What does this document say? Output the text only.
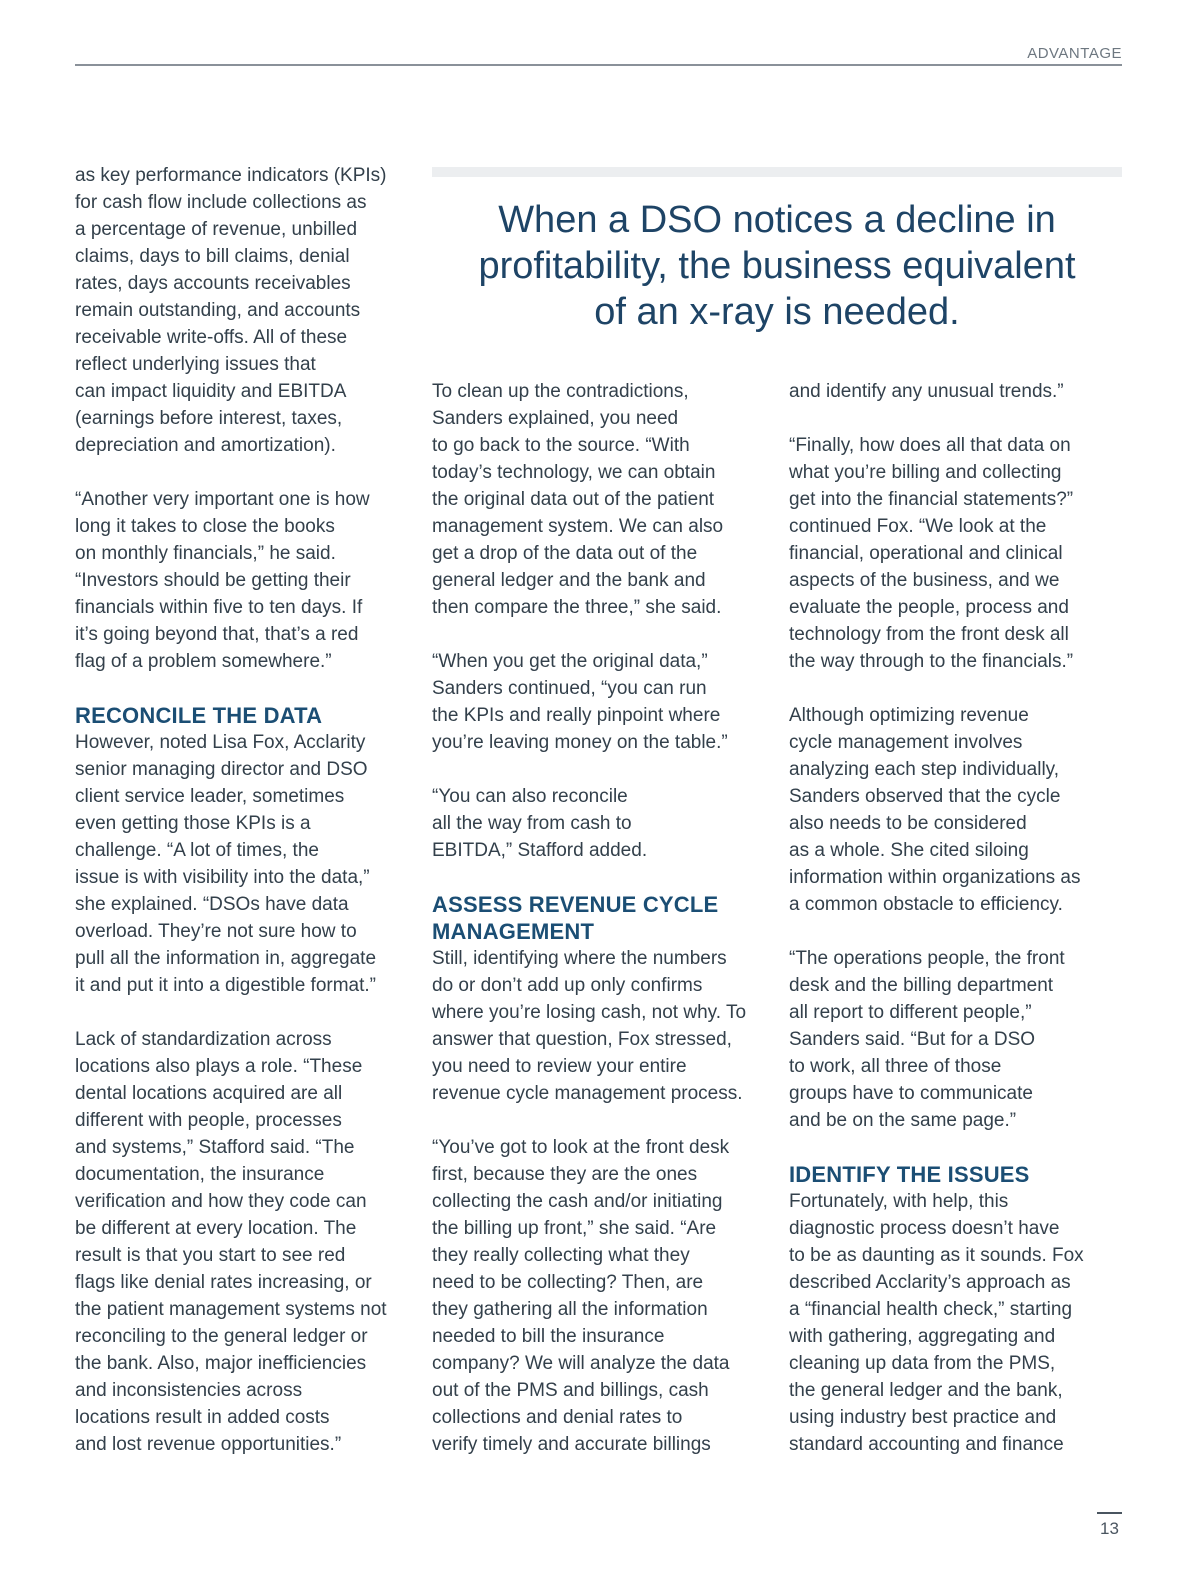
ADVANTAGE

as key performance indicators (KPIs)
for cash flow include collections as
a percentage of revenue, unbilled
claims, days to bill claims, denial
rates, days accounts receivables
remain outstanding, and accounts
receivable write-offs. All of these
reflect underlying issues that
can impact liquidity and EBITDA
(earnings before interest, taxes,
depreciation and amortization).

“Another very important one is how
long it takes to close the books
on monthly financials,” he said.
“Investors should be getting their
financials within five to ten days. If
it’s going beyond that, that’s a red
flag of a problem somewhere.”

RECONCILE THE DATA

However, noted Lisa Fox, Acclarity
senior managing director and DSO
client service leader, sometimes
even getting those KPIs is a
challenge. “A lot of times, the
issue is with visibility into the data,”
she explained. “DSOs have data
overload. They’re not sure how to
pull all the information in, aggregate
it and put it into a digestible format.”

Lack of standardization across
locations also plays a role. “These
dental locations acquired are all
different with people, processes
and systems,” Stafford said. “The
documentation, the insurance
verification and how they code can
be different at every location. The
result is that you start to see red
flags like denial rates increasing, or
the patient management systems not
reconciling to the general ledger or
the bank. Also, major inefficiencies
and inconsistencies across
locations result in added costs
and lost revenue opportunities.”

When a DSO notices a decline in
profitability, the business equivalent
of an x-ray is needed.

To clean up the contradictions,
Sanders explained, you need
to go back to the source. “With
today’s technology, we can obtain
the original data out of the patient
management system. We can also
get a drop of the data out of the
general ledger and the bank and
then compare the three,” she said.

“When you get the original data,”
Sanders continued, “you can run
the KPIs and really pinpoint where
you’re leaving money on the table.”

“You can also reconcile
all the way from cash to
EBITDA,” Stafford added.

ASSESS REVENUE CYCLE
MANAGEMENT

Still, identifying where the numbers
do or don’t add up only confirms
where you’re losing cash, not why. To
answer that question, Fox stressed,
you need to review your entire
revenue cycle management process.

“You’ve got to look at the front desk
first, because they are the ones
collecting the cash and/or initiating
the billing up front,” she said. “Are
they really collecting what they
need to be collecting? Then, are
they gathering all the information
needed to bill the insurance
company? We will analyze the data
out of the PMS and billings, cash
collections and denial rates to
verify timely and accurate billings

and identify any unusual trends.”

“Finally, how does all that data on
what you’re billing and collecting
get into the financial statements?”
continued Fox. “We look at the
financial, operational and clinical
aspects of the business, and we
evaluate the people, process and
technology from the front desk all
the way through to the financials.”

Although optimizing revenue
cycle management involves
analyzing each step individually,
Sanders observed that the cycle
also needs to be considered
as a whole. She cited siloing
information within organizations as
a common obstacle to efficiency.

“The operations people, the front
desk and the billing department
all report to different people,”
Sanders said. “But for a DSO
to work, all three of those
groups have to communicate
and be on the same page.”

IDENTIFY THE ISSUES

Fortunately, with help, this
diagnostic process doesn’t have
to be as daunting as it sounds. Fox
described Acclarity’s approach as
a “financial health check,” starting
with gathering, aggregating and
cleaning up data from the PMS,
the general ledger and the bank,
using industry best practice and
standard accounting and finance

13
